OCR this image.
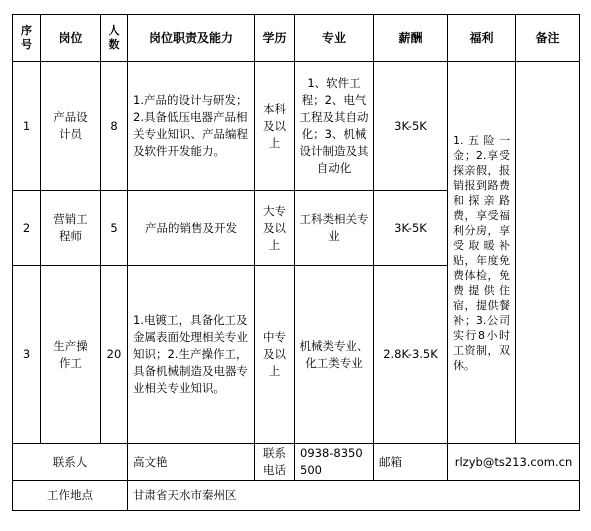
序号	岗位	人数	岗位职责及能力	学历	专业	薪酬	福利	备注
1	产品设计员	8	1.产品的设计与研发；2.具备低压电器产品相关专业知识、产品编程及软件开发能力。	本科及以上	1、软件工程；2、电气工程及其自动化；3、机械设计制造及其自动化	3K-5K	1.五险一金；2.享受探亲假，报销报到路费和探亲路费，享受福利分房，享受取暖补贴，年度免费体检，免费提供住宿，提供餐补；3.公司实行8小时工资制，双休。	
2	营销工程师	5	产品的销售及开发	大专及以上	工科类相关专业	3K-5K		
3	生产操作工	20	1.电镀工，具备化工及金属表面处理相关专业知识；2.生产操作工，具备机械制造及电器专业相关专业知识。	中专及以上	机械类专业、化工类专业	2.8K-3.5K		
联系人			高文艳	联系电话	0938-8350500	邮箱	rlzyb@ts213.com.cn	
工作地点			甘肃省天水市秦州区					
